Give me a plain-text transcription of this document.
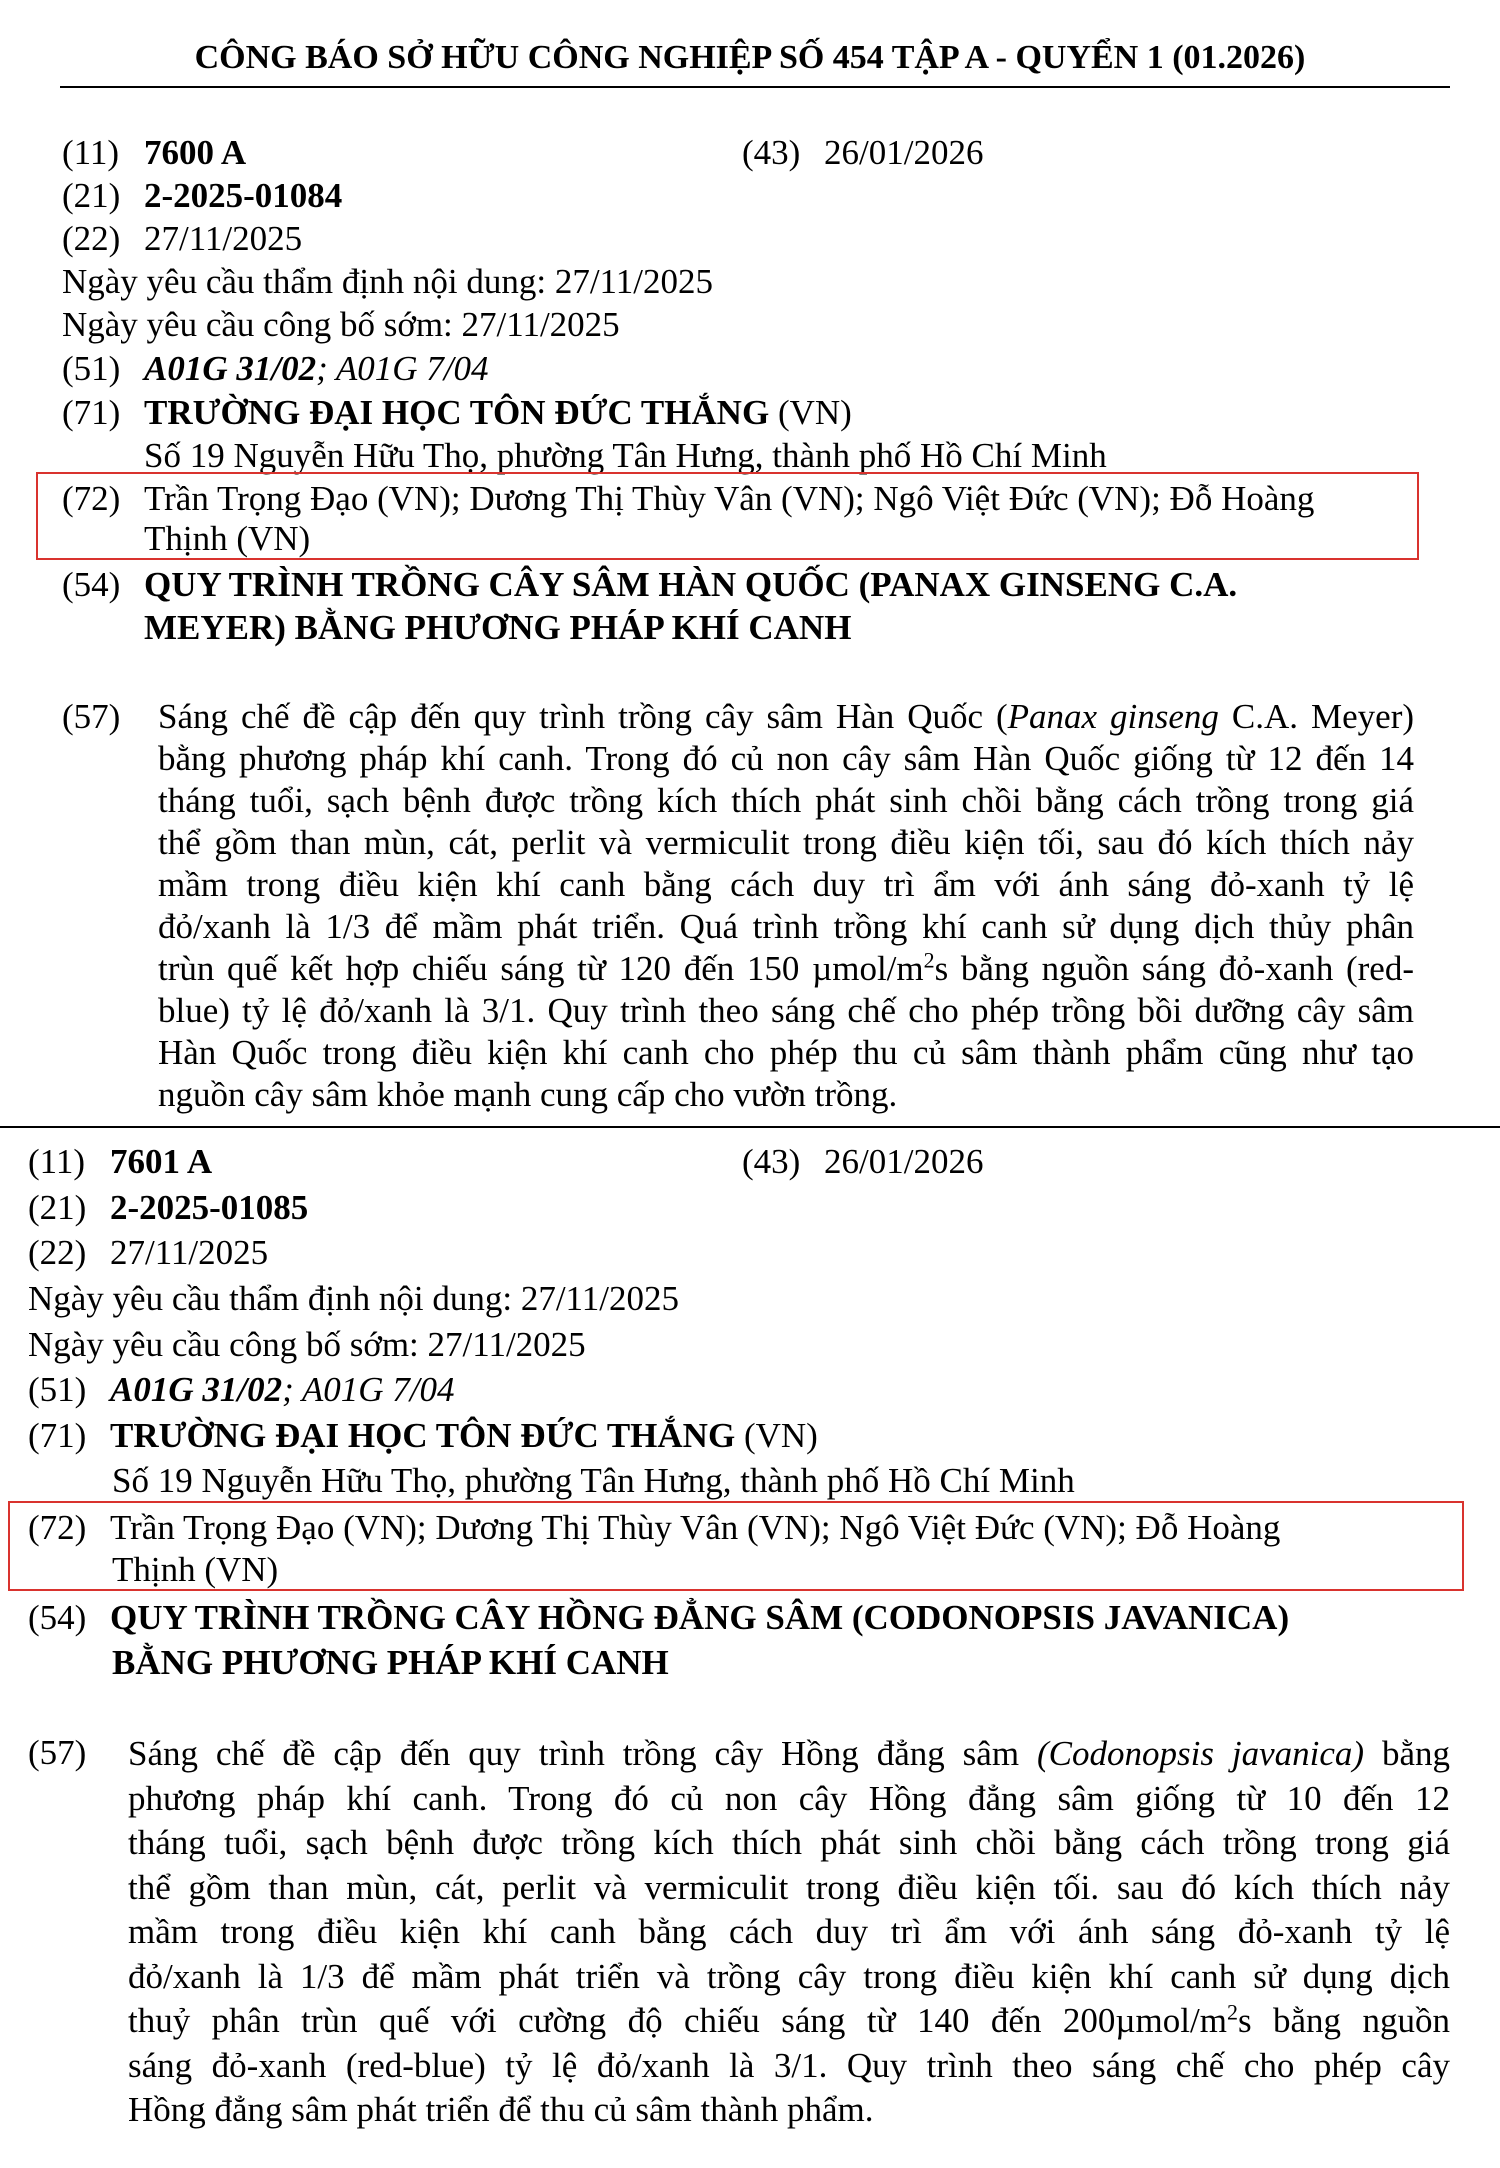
CÔNG BÁO SỞ HỮU CÔNG NGHIỆP SỐ 454 TẬP A - QUYỂN 1 (01.2026)
(11) 7600 A	(43) 26/01/2026
(21) 2-2025-01084
(22) 27/11/2025
Ngày yêu cầu thẩm định nội dung: 27/11/2025
Ngày yêu cầu công bố sớm: 27/11/2025
(51) A01G 31/02; A01G 7/04
(71) TRƯỜNG ĐẠI HỌC TÔN ĐỨC THẮNG (VN)
Số 19 Nguyễn Hữu Thọ, phường Tân Hưng, thành phố Hồ Chí Minh
(72) Trần Trọng Đạo (VN); Dương Thị Thùy Vân (VN); Ngô Việt Đức (VN); Đỗ Hoàng
Thịnh (VN)
(54) QUY TRÌNH TRỒNG CÂY SÂM HÀN QUỐC (PANAX GINSENG C.A.
MEYER) BẰNG PHƯƠNG PHÁP KHÍ CANH
(57) Sáng chế đề cập đến quy trình trồng cây sâm Hàn Quốc (Panax ginseng C.A. Meyer)
bằng phương pháp khí canh. Trong đó củ non cây sâm Hàn Quốc giống từ 12 đến 14
tháng tuổi, sạch bệnh được trồng kích thích phát sinh chồi bằng cách trồng trong giá
thể gồm than mùn, cát, perlit và vermiculit trong điều kiện tối, sau đó kích thích nảy
mầm trong điều kiện khí canh bằng cách duy trì ẩm với ánh sáng đỏ-xanh tỷ lệ
đỏ/xanh là 1/3 để mầm phát triển. Quá trình trồng khí canh sử dụng dịch thủy phân
trùn quế kết hợp chiếu sáng từ 120 đến 150 µmol/$m^2s$ bằng nguồn sáng đỏ-xanh (red-
blue) tỷ lệ đỏ/xanh là 3/1. Quy trình theo sáng chế cho phép trồng bồi dưỡng cây sâm
Hàn Quốc trong điều kiện khí canh cho phép thu củ sâm thành phẩm cũng như tạo
nguồn cây sâm khỏe mạnh cung cấp cho vườn trồng.
(11) 7601 A	(43) 26/01/2026
(21) 2-2025-01085
(22) 27/11/2025
Ngày yêu cầu thẩm định nội dung: 27/11/2025
Ngày yêu cầu công bố sớm: 27/11/2025
(51) A01G 31/02; A01G 7/04
(71) TRƯỜNG ĐẠI HỌC TÔN ĐỨC THẮNG (VN)
Số 19 Nguyễn Hữu Thọ, phường Tân Hưng, thành phố Hồ Chí Minh
(72) Trần Trọng Đạo (VN); Dương Thị Thùy Vân (VN); Ngô Việt Đức (VN); Đỗ Hoàng
Thịnh (VN)
(54) QUY TRÌNH TRỒNG CÂY HỒNG ĐẲNG SÂM (CODONOPSIS JAVANICA)
BẰNG PHƯƠNG PHÁP KHÍ CANH
(57) Sáng chế đề cập đến quy trình trồng cây Hồng đẳng sâm (Codonopsis javanica) bằng
phương pháp khí canh. Trong đó củ non cây Hồng đẳng sâm giống từ 10 đến 12
tháng tuổi, sạch bệnh được trồng kích thích phát sinh chồi bằng cách trồng trong giá
thể gồm than mùn, cát, perlit và vermiculit trong điều kiện tối. sau đó kích thích nảy
mầm trong điều kiện khí canh bằng cách duy trì ẩm với ánh sáng đỏ-xanh tỷ lệ
đỏ/xanh là 1/3 để mầm phát triển và trồng cây trong điều kiện khí canh sử dụng dịch
thuỷ phân trùn quế với cường độ chiếu sáng từ 140 đến $200\mu mol/m^2s$ bằng nguồn
sáng đỏ-xanh (red-blue) tỷ lệ đỏ/xanh là 3/1. Quy trình theo sáng chế cho phép cây
Hồng đẳng sâm phát triển để thu củ sâm thành phẩm.
